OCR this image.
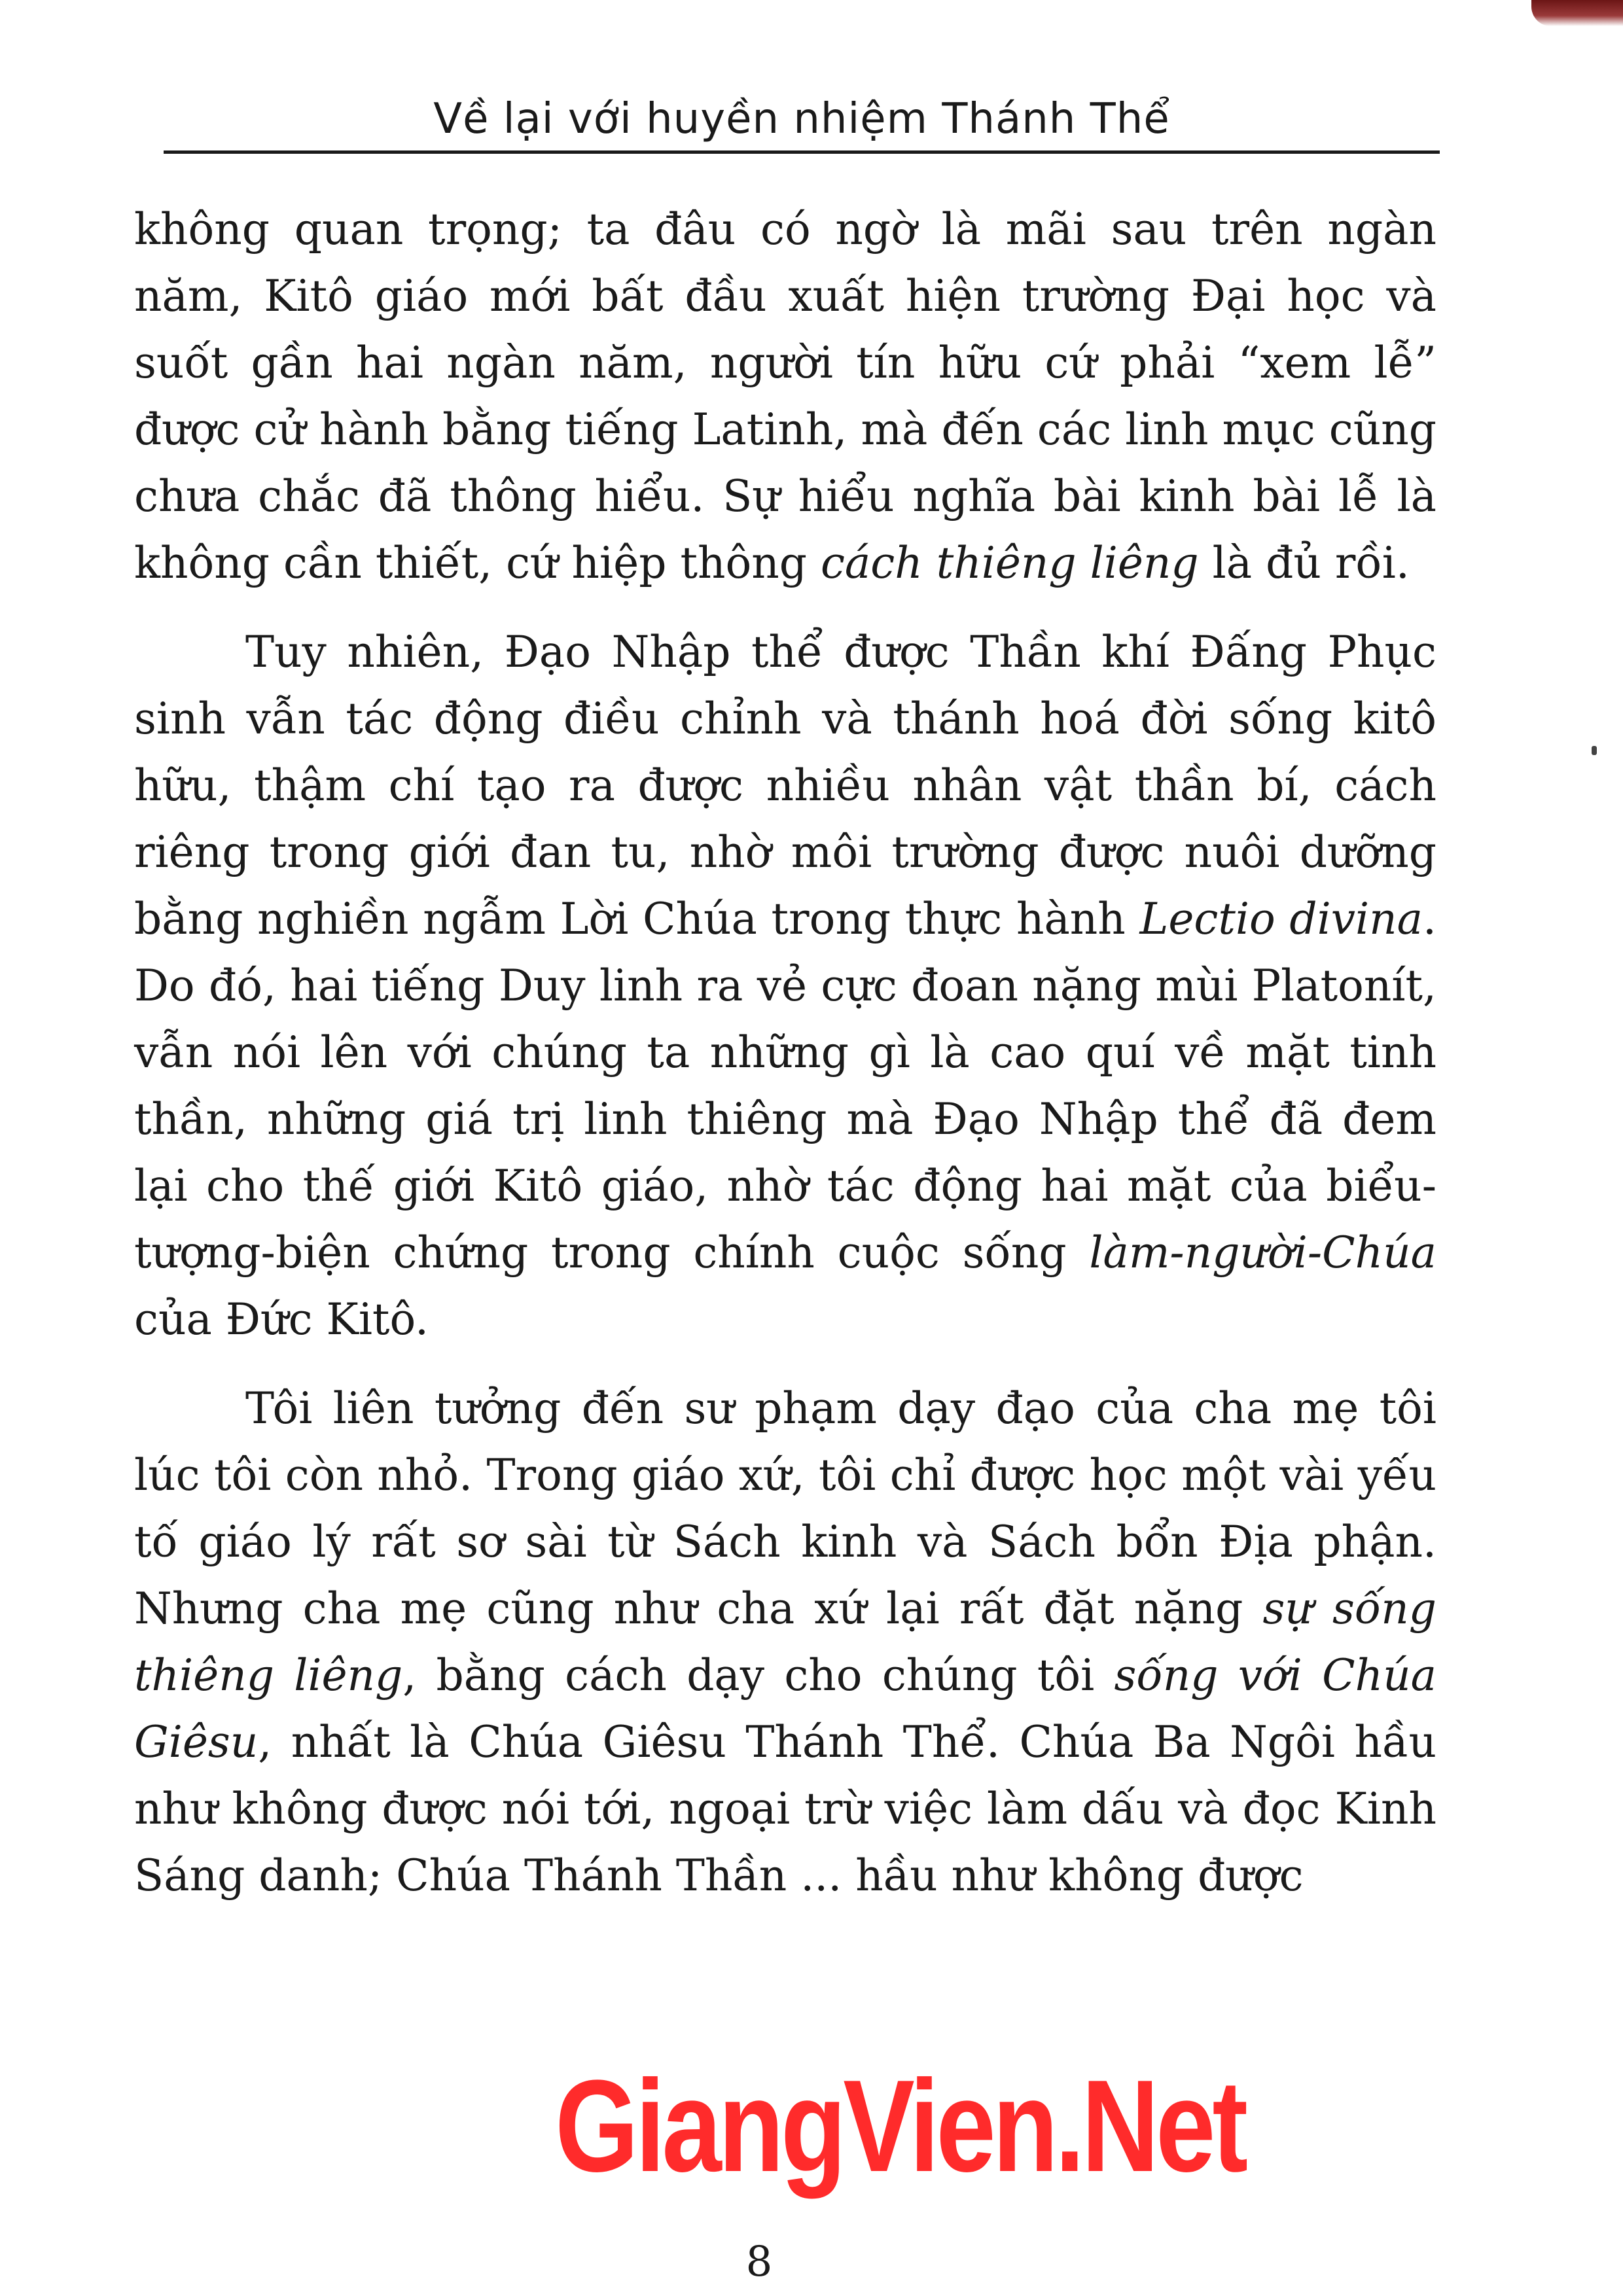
Về lại với huyền nhiệm Thánh Thể

không quan trọng; ta đâu có ngờ là mãi sau trên ngàn năm, Kitô giáo mới bất đầu xuất hiện trường Đại học và suốt gần hai ngàn năm, người tín hữu cứ phải “xem lễ” được cử hành bằng tiếng Latinh, mà đến các linh mục cũng chưa chắc đã thông hiểu. Sự hiểu nghĩa bài kinh bài lễ là không cần thiết, cứ hiệp thông cách thiêng liêng là đủ rồi.

Tuy nhiên, Đạo Nhập thể được Thần khí Đấng Phục sinh vẫn tác động điều chỉnh và thánh hoá đời sống kitô hữu, thậm chí tạo ra được nhiều nhân vật thần bí, cách riêng trong giới đan tu, nhờ môi trường được nuôi dưỡng bằng nghiền ngẫm Lời Chúa trong thực hành Lectio divina. Do đó, hai tiếng Duy linh ra vẻ cực đoan nặng mùi Platonít, vẫn nói lên với chúng ta những gì là cao quí về mặt tinh thần, những giá trị linh thiêng mà Đạo Nhập thể đã đem lại cho thế giới Kitô giáo, nhờ tác động hai mặt của biểu-tượng-biện chứng trong chính cuộc sống làm-người-Chúa của Đức Kitô.

Tôi liên tưởng đến sư phạm dạy đạo của cha mẹ tôi lúc tôi còn nhỏ. Trong giáo xứ, tôi chỉ được học một vài yếu tố giáo lý rất sơ sài từ Sách kinh và Sách bổn Địa phận. Nhưng cha mẹ cũng như cha xứ lại rất đặt nặng sự sống thiêng liêng, bằng cách dạy cho chúng tôi sống với Chúa Giêsu, nhất là Chúa Giêsu Thánh Thể. Chúa Ba Ngôi hầu như không được nói tới, ngoại trừ việc làm dấu và đọc Kinh Sáng danh; Chúa Thánh Thần ... hầu như không được

GiangVien.Net
8
